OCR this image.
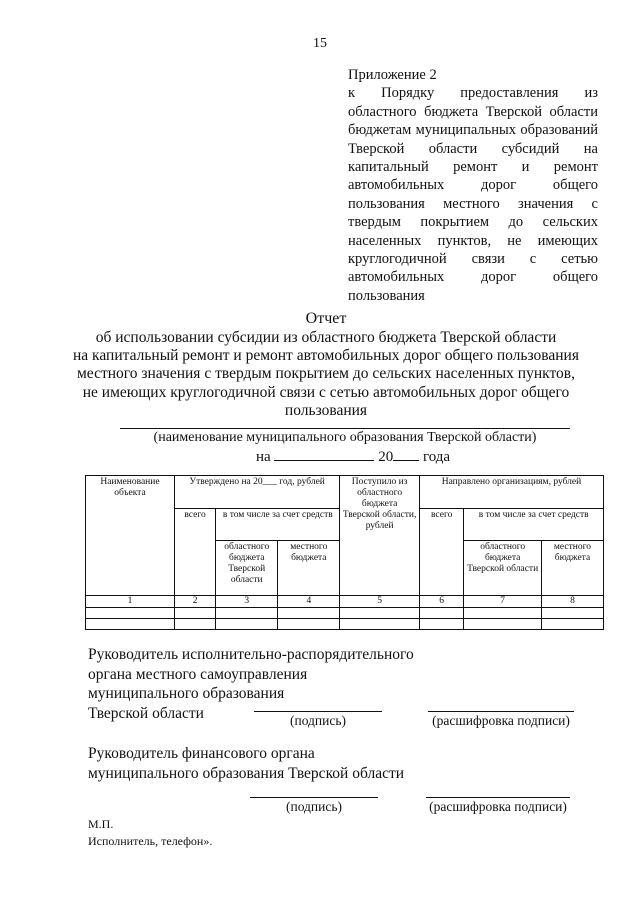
15
Приложение 2
к Порядку предоставления из областного бюджета Тверской области бюджетам муниципальных образований Тверской области субсидий на капитальный ремонт и ремонт автомобильных дорог общего пользования местного значения с твердым покрытием до сельских населенных пунктов, не имеющих круглогодичной связи с сетью автомобильных дорог общего
пользования
Отчет
об использовании субсидии из областного бюджета Тверской области
на капитальный ремонт и ремонт автомобильных дорог общего пользования
местного значения с твердым покрытием до сельских населенных пунктов,
не имеющих круглогодичной связи с сетью автомобильных дорог общего
пользования
(наименование муниципального образования Тверской области)
на	20 года
Наименование объекта	Утверждено на 20___ год, рублей			Поступило из областного бюджета Тверской области, рублей	Направлено организациям, рублей		
	всего	в том числе за счет средств			всего	в том числе за счет средств	
		областного бюджета Тверской области	местного бюджета			областного бюджета Тверской области	местного бюджета
1	2	3	4	5	6	7	8

Руководитель исполнительно-распорядительного
органа местного самоуправления
муниципального образования
Тверской области	(подпись)	(расшифровка подписи)
Руководитель финансового органа
муниципального образования Тверской области
(подпись)	(расшифровка подписи)
М.П.
Исполнитель, телефон».
